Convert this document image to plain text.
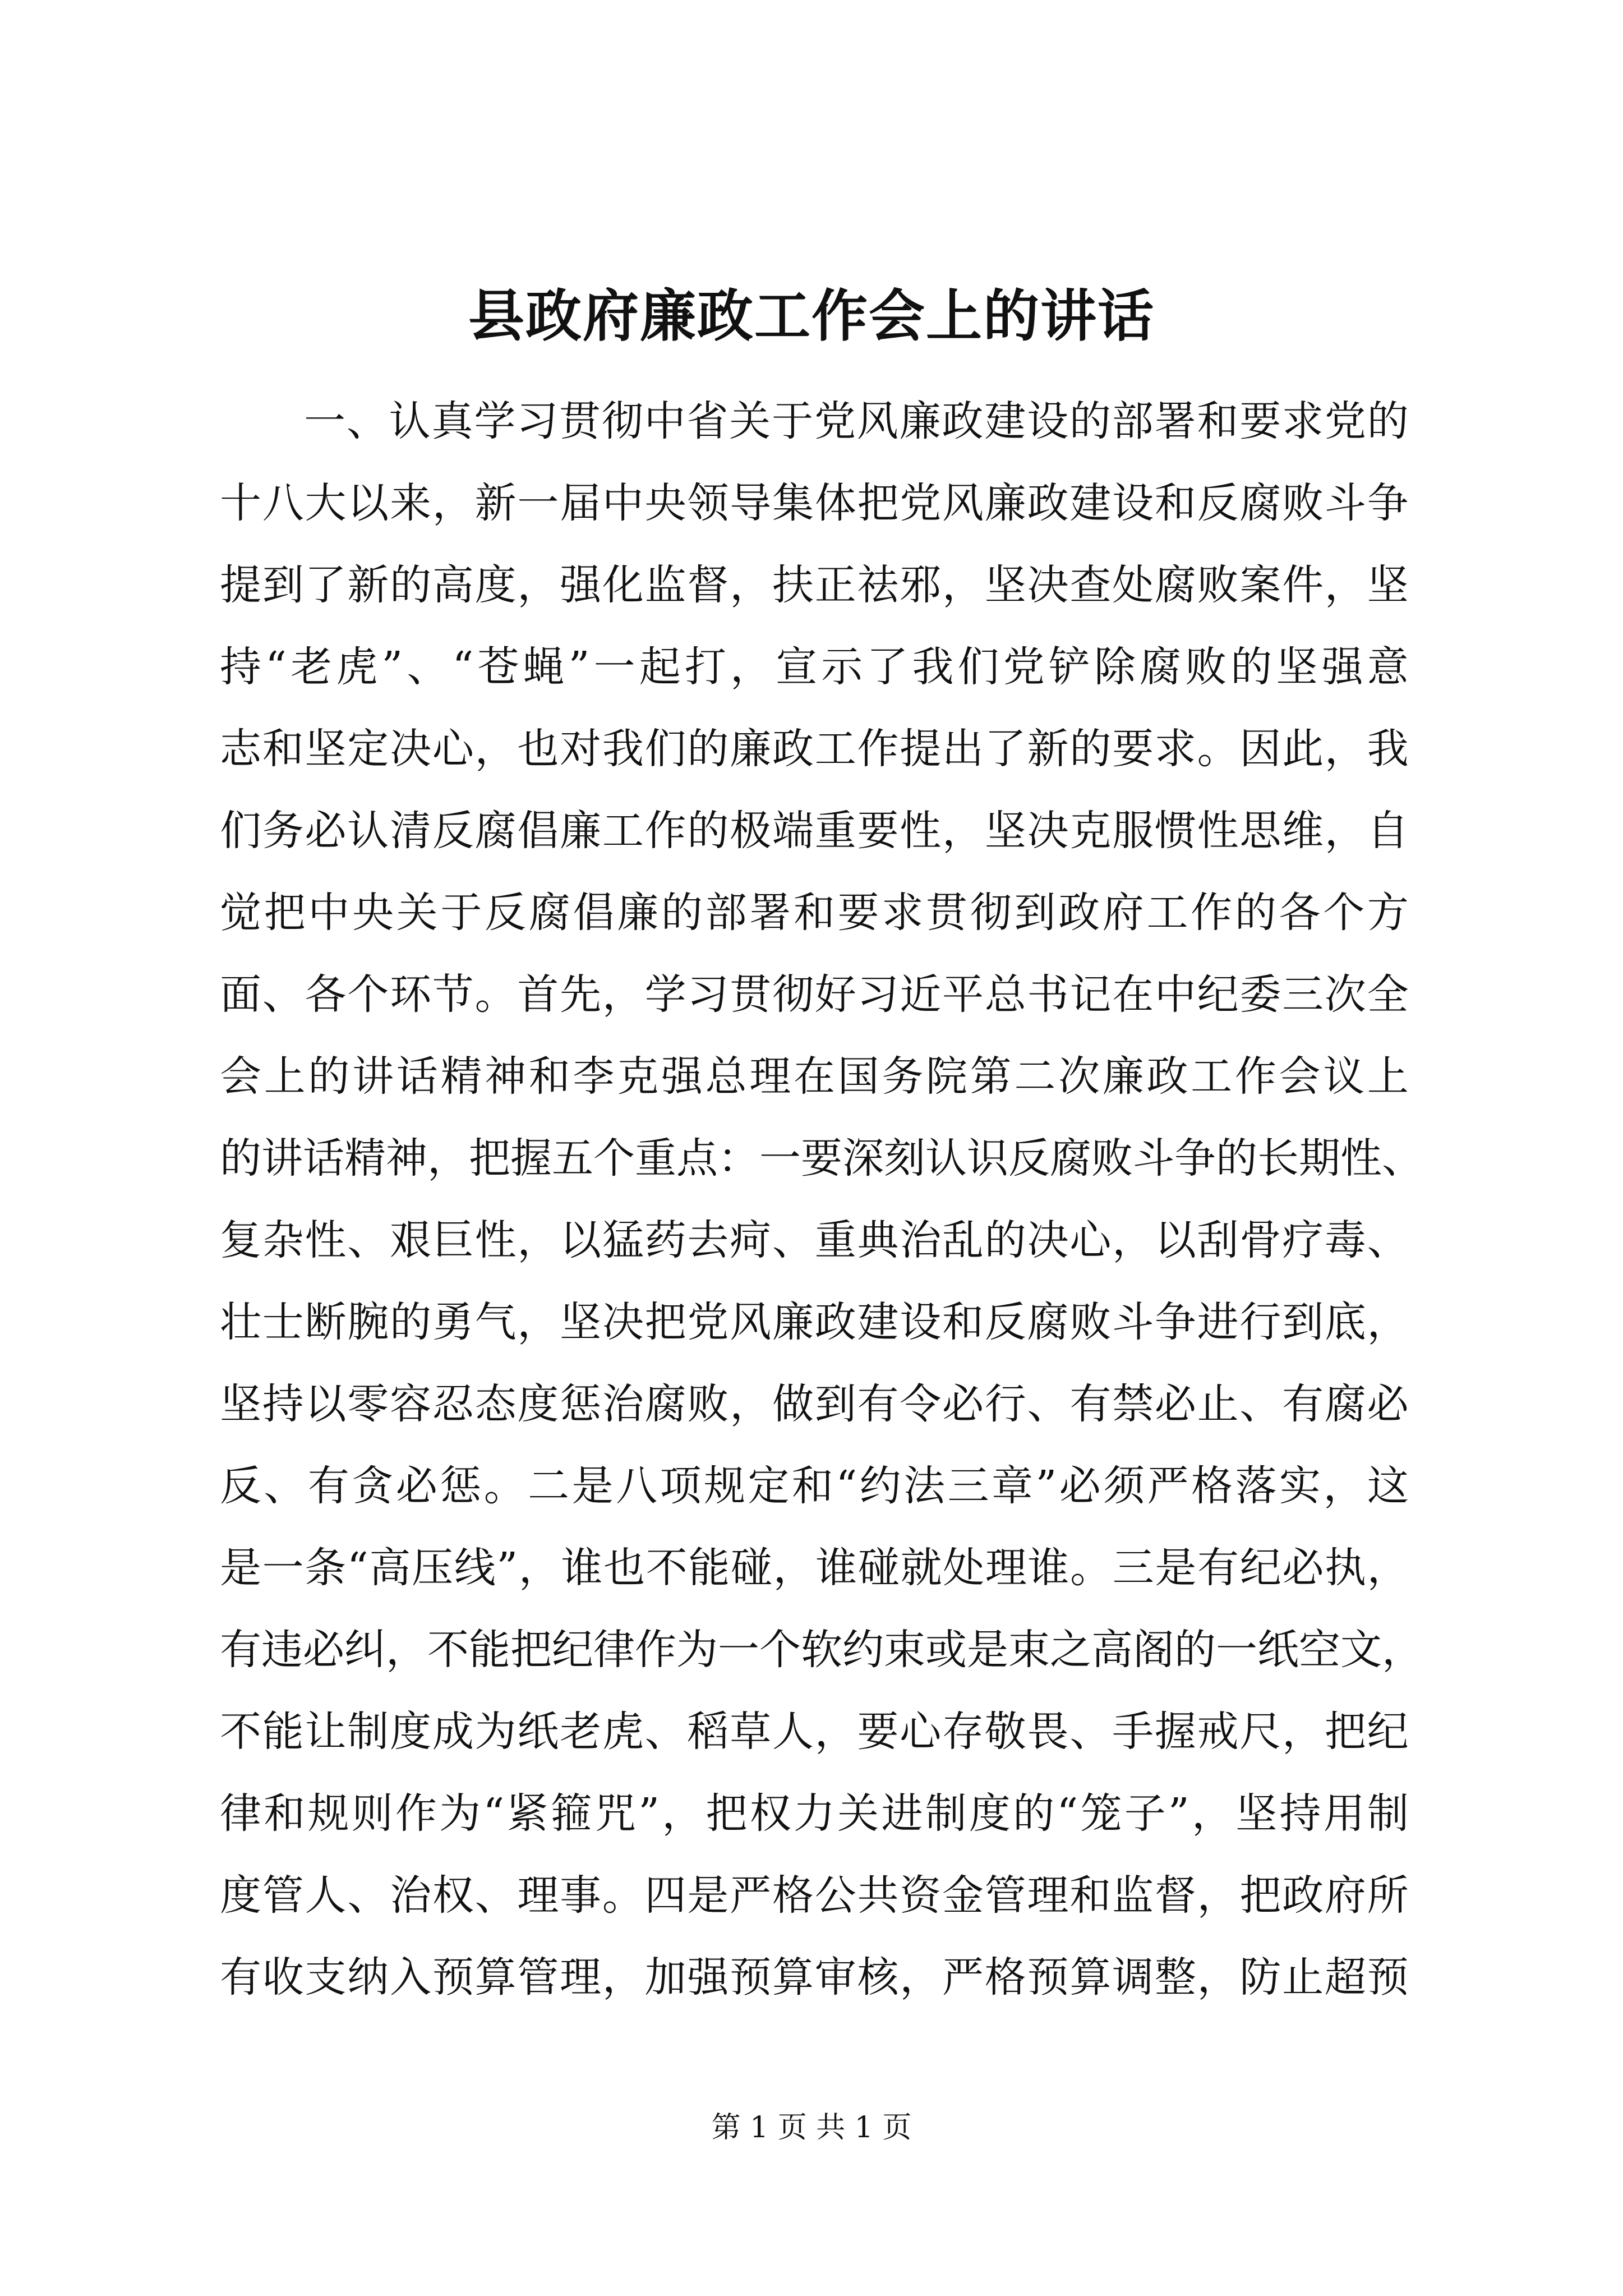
县政府廉政工作会上的讲话
一 、 认 真 学 习 贯 彻 中 省 关 于 党 风 廉 政 建 设 的 部 署 和 要 求 党 的
十 八 大 以 来 ， 新 一 届 中 央 领 导 集 体 把 党 风 廉 政 建 设 和 反 腐 败 斗 争
提 到 了 新 的 高 度 ， 强 化 监 督 ， 扶 正 祛 邪 ， 坚 决 查 处 腐 败 案 件 ， 坚
持 “ 老 虎 ” 、 “ 苍 蝇 ” 一 起 打 ， 宣 示 了 我 们 党 铲 除 腐 败 的 坚 强 意
志 和 坚 定 决 心 ， 也 对 我 们 的 廉 政 工 作 提 出 了 新 的 要 求 。 因 此 ， 我
们 务 必 认 清 反 腐 倡 廉 工 作 的 极 端 重 要 性 ， 坚 决 克 服 惯 性 思 维 ， 自
觉 把 中 央 关 于 反 腐 倡 廉 的 部 署 和 要 求 贯 彻 到 政 府 工 作 的 各 个 方
面 、 各 个 环 节 。 首 先 ， 学 习 贯 彻 好 习 近 平 总 书 记 在 中 纪 委 三 次 全
会 上 的 讲 话 精 神 和 李 克 强 总 理 在 国 务 院 第 二 次 廉 政 工 作 会 议 上
的 讲 话 精 神 ， 把 握 五 个 重 点 ： 一 要 深 刻 认 识 反 腐 败 斗 争 的 长 期 性 、
复 杂 性 、 艰 巨 性 ， 以 猛 药 去 疴 、 重 典 治 乱 的 决 心 ， 以 刮 骨 疗 毒 、
壮 士 断 腕 的 勇 气 ， 坚 决 把 党 风 廉 政 建 设 和 反 腐 败 斗 争 进 行 到 底 ，
坚 持 以 零 容 忍 态 度 惩 治 腐 败 ， 做 到 有 令 必 行 、 有 禁 必 止 、 有 腐 必
反 、 有 贪 必 惩 。 二 是 八 项 规 定 和 “ 约 法 三 章 ” 必 须 严 格 落 实 ， 这
是 一 条 “ 高 压 线 ” ， 谁 也 不 能 碰 ， 谁 碰 就 处 理 谁 。 三 是 有 纪 必 执 ，
有 违 必 纠 ， 不 能 把 纪 律 作 为 一 个 软 约 束 或 是 束 之 高 阁 的 一 纸 空 文 ，
不 能 让 制 度 成 为 纸 老 虎 、 稻 草 人 ， 要 心 存 敬 畏 、 手 握 戒 尺 ， 把 纪
律 和 规 则 作 为 “ 紧 箍 咒 ” ， 把 权 力 关 进 制 度 的 “ 笼 子 ” ， 坚 持 用 制
度 管 人 、 治 权 、 理 事 。 四 是 严 格 公 共 资 金 管 理 和 监 督 ， 把 政 府 所
有 收 支 纳 入 预 算 管 理 ， 加 强 预 算 审 核 ， 严 格 预 算 调 整 ， 防 止 超 预
第 1 页 共 1 页
